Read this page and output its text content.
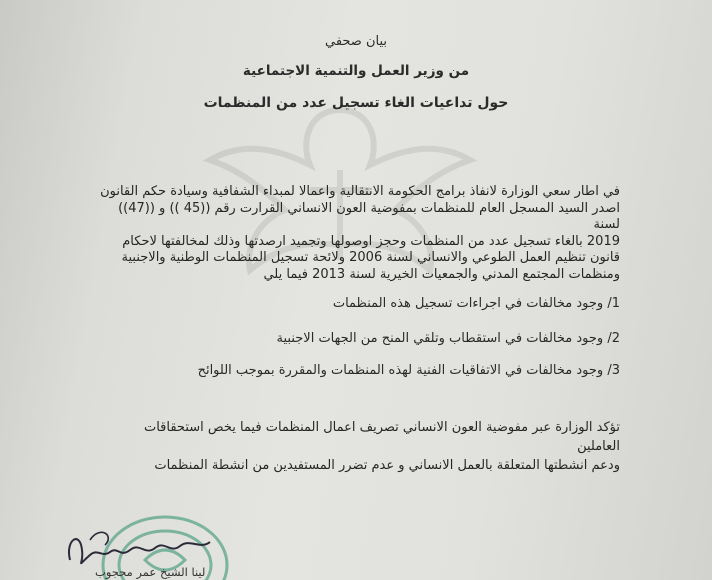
بيان صحفي
من وزير العمل والتنمية الاجتماعية
حول تداعيات الغاء تسجيل عدد من المنظمات

في اطار سعي الوزارة لانفاذ برامج الحكومة الانتقالية واعمالا لمبداء الشفافية وسيادة حكم القانون

اصدر السيد المسجل العام للمنظمات بمفوضية العون الانساني القرارت رقم ((45 )) و ((47)) لسنة

2019 بالغاء تسجيل عدد من المنظمات وحجز اوصولها وتجميد ارصدتها وذلك لمخالفتها لاحكام

قانون تنظيم العمل الطوعي والانساني لسنة 2006 ولائحة تسجيل المنظمات الوطنية والاجنبية

ومنظمات المجتمع المدني والجمعيات الخيرية لسنة 2013 فيما يلي

1/ وجود مخالفات في اجراءات تسجيل هذه المنظمات
2/ وجود مخالفات في استقطاب وتلقي المنح من الجهات الاجنبية
3/ وجود مخالفات في الاتفاقيات الفنية لهذه المنظمات والمقررة بموجب اللوائح
تؤكد الوزارة عبر مفوضية العون الانساني تصريف اعمال المنظمات فيما يخص استحقاقات العاملين
ودعم انشطتها المتعلقة بالعمل الانساني و عدم تضرر المستفيدين من انشطة المنظمات
لينا الشيخ عمر محجوب
